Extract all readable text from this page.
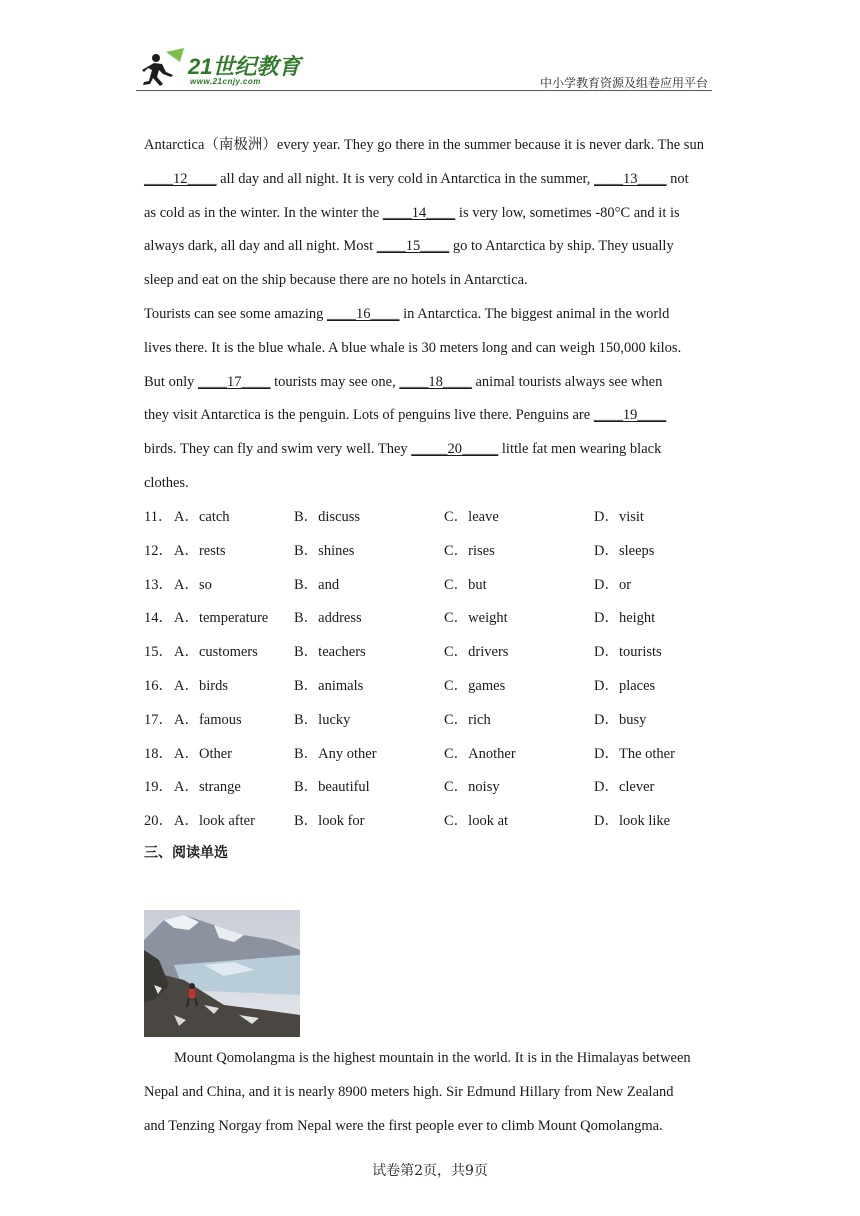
21世纪教育
www.21cnjy.com	中小学教育资源及组卷应用平台
Antarctica（南极洲）every year. They go there in the summer because it is never dark. The sun
____12____ all day and all night. It is very cold in Antarctica in the summer, ____13____ not
as cold as in the winter. In the winter the ____14____ is very low, sometimes -80°C and it is
always dark, all day and all night. Most ____15____ go to Antarctica by ship. They usually
sleep and eat on the ship because there are no hotels in Antarctica.
Tourists can see some amazing ____16____ in Antarctica. The biggest animal in the world
lives there. It is the blue whale. A blue whale is 30 meters long and can weigh 150,000 kilos.
But only ____17____ tourists may see one, ____18____ animal tourists always see when
they visit Antarctica is the penguin. Lots of penguins live there. Penguins are ____19____
birds. They can fly and swim very well. They _____20_____ little fat men wearing black
clothes.
11． A．catch	B．discuss	C．leave	D．visit
12． A．rests	B．shines	C．rises	D．sleeps
13． A．so	B．and	C．but	D．or
14． A．temperature B．address	C．weight	D．height
15． A．customers B．teachers	C．drivers	D．tourists
16． A．birds	B．animals	C．games	D．places
17． A．famous	B．lucky	C．rich	D．busy
18． A．Other	B．Any other	C．Another	D．The other
19． A．strange	B．beautiful	C．noisy	D．clever
20． A．look after	B．look for	C．look at	D．look like
三、阅读单选
Mount Qomolangma is the highest mountain in the world. It is in the Himalayas between
Nepal and China, and it is nearly 8900 meters high. Sir Edmund Hillary from New Zealand
and Tenzing Norgay from Nepal were the first people ever to climb Mount Qomolangma.
试卷第2页，共9页
